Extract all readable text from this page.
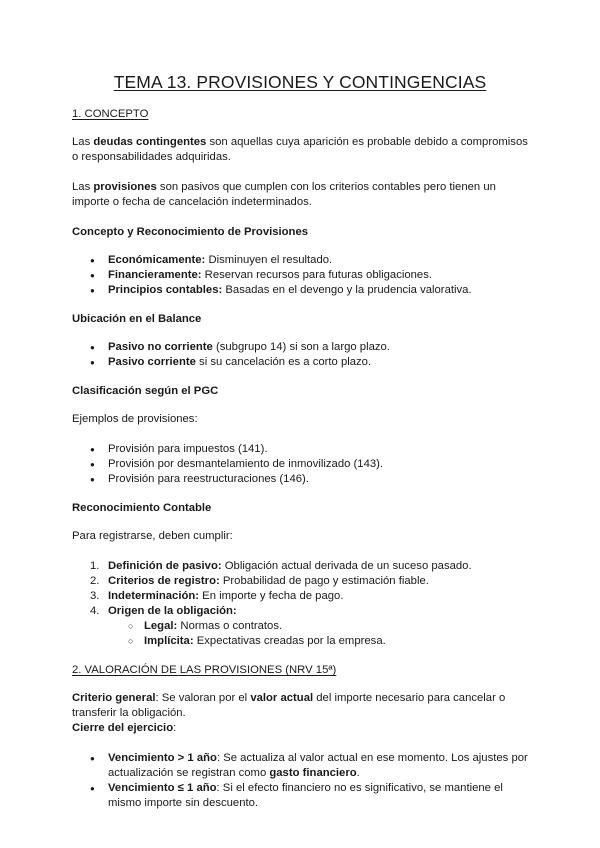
TEMA 13. PROVISIONES Y CONTINGENCIAS
1. CONCEPTO

Las deudas contingentes son aquellas cuya aparición es probable debido a compromisos o responsabilidades adquiridas.

Las provisiones son pasivos que cumplen con los criterios contables pero tienen un importe o fecha de cancelación indeterminados.

Concepto y Reconocimiento de Provisiones
● Económicamente: Disminuyen el resultado.
● Financieramente: Reservan recursos para futuras obligaciones.
● Principios contables: Basadas en el devengo y la prudencia valorativa.
Ubicación en el Balance
● Pasivo no corriente (subgrupo 14) si son a largo plazo.
● Pasivo corriente si su cancelación es a corto plazo.
Clasificación según el PGC

Ejemplos de provisiones:

● Provisión para impuestos (141).
● Provisión por desmantelamiento de inmovilizado (143).
● Provisión para reestructuraciones (146).
Reconocimiento Contable

Para registrarse, deben cumplir:

1. Definición de pasivo: Obligación actual derivada de un suceso pasado.
2. Criterios de registro: Probabilidad de pago y estimación fiable.
3. Indeterminación: En importe y fecha de pago.
4. Origen de la obligación:
○ Legal: Normas o contratos.
○ Implícita: Expectativas creadas por la empresa.
2. VALORACIÓN DE LAS PROVISIONES (NRV 15ª)

Criterio general: Se valoran por el valor actual del importe necesario para cancelar o transferir la obligación.

Cierre del ejercicio:

● Vencimiento > 1 año: Se actualiza al valor actual en ese momento. Los ajustes por actualización se registran como gasto financiero.
● Vencimiento ≤ 1 año: Si el efecto financiero no es significativo, se mantiene el mismo importe sin descuento.
